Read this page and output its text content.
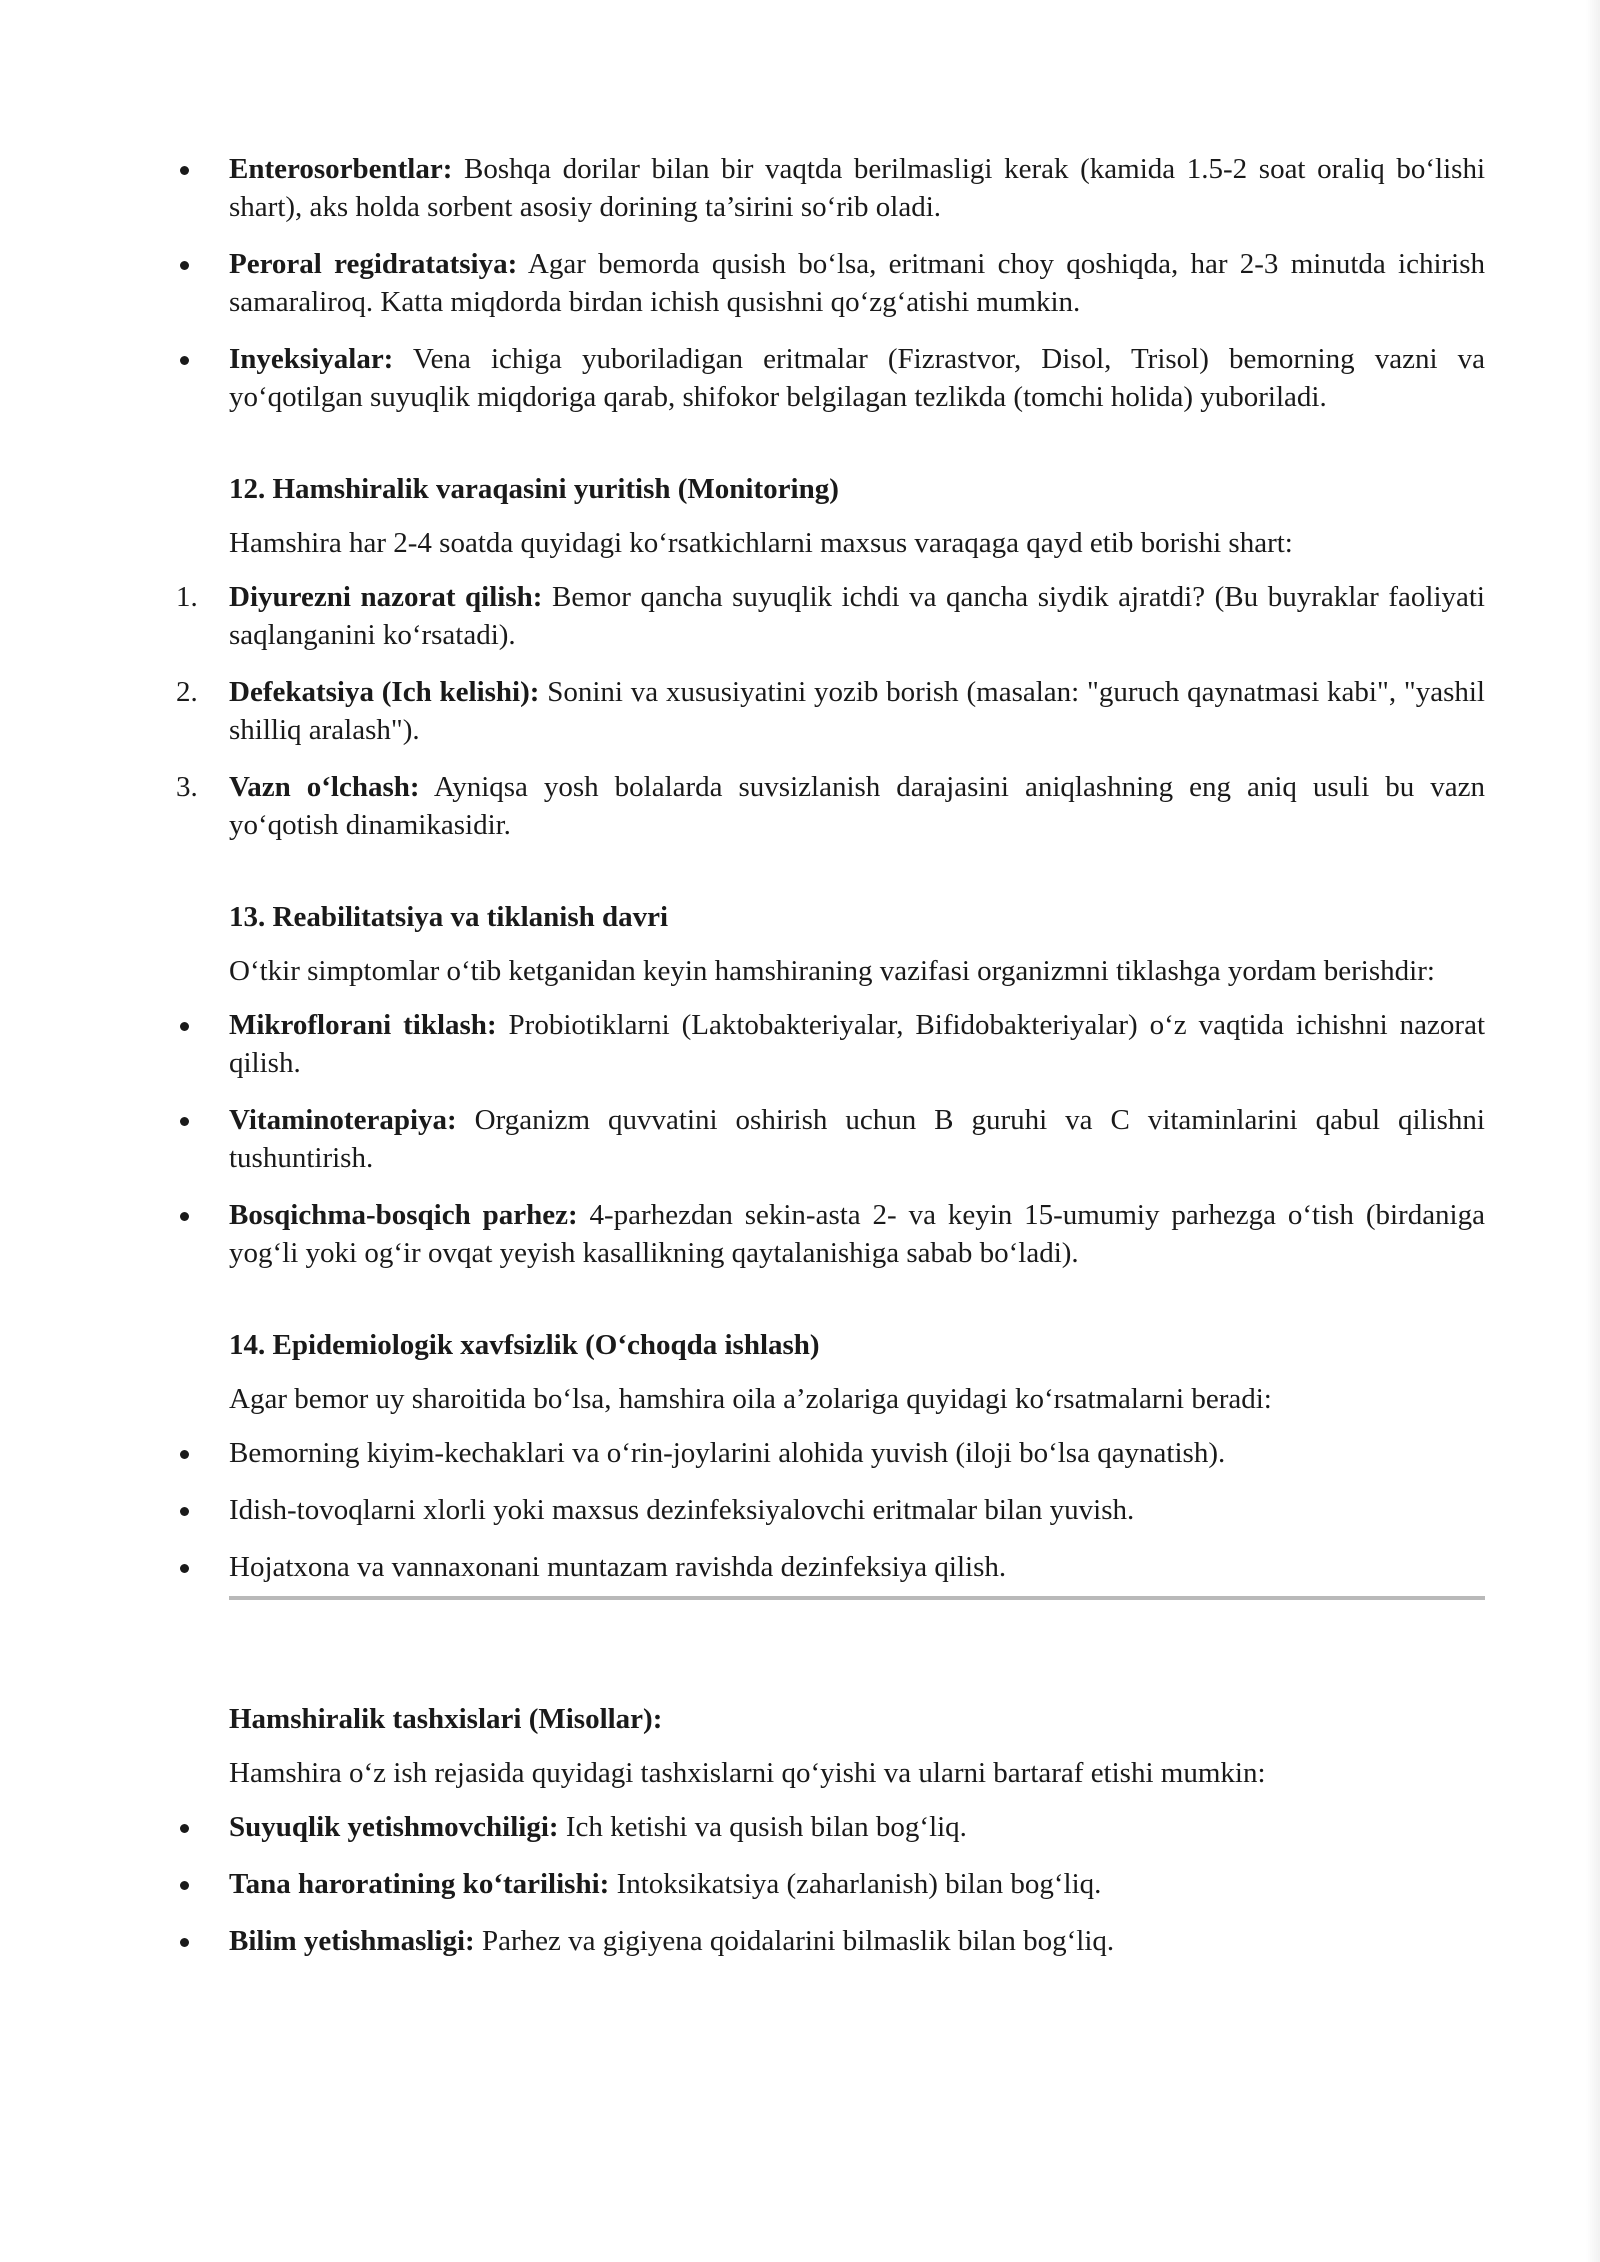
Enterosorbentlar: Boshqa dorilar bilan bir vaqtda berilmasligi kerak (kamida 1.5-2 soat oraliq bo‘lishi shart), aks holda sorbent asosiy dorining ta’sirini so‘rib oladi.
Peroral regidratatsiya: Agar bemorda qusish bo‘lsa, eritmani choy qoshiqda, har 2-3 minutda ichirish samaraliroq. Katta miqdorda birdan ichish qusishni qo‘zg‘atishi mumkin.
Inyeksiyalar: Vena ichiga yuboriladigan eritmalar (Fizrastvor, Disol, Trisol) bemorning vazni va yo‘qotilgan suyuqlik miqdoriga qarab, shifokor belgilagan tezlikda (tomchi holida) yuboriladi.
12. Hamshiralik varaqasini yuritish (Monitoring)
Hamshira har 2-4 soatda quyidagi ko‘rsatkichlarni maxsus varaqaga qayd etib borishi shart:
1. Diyurezni nazorat qilish: Bemor qancha suyuqlik ichdi va qancha siydik ajratdi? (Bu buyraklar faoliyati saqlanganini ko‘rsatadi).
2. Defekatsiya (Ich kelishi): Sonini va xususiyatini yozib borish (masalan: "guruch qaynatmasi kabi", "yashil shilliq aralash").
3. Vazn o‘lchash: Ayniqsa yosh bolalarda suvsizlanish darajasini aniqlashning eng aniq usuli bu vazn yo‘qotish dinamikasidir.
13. Reabilitatsiya va tiklanish davri
O‘tkir simptomlar o‘tib ketganidan keyin hamshiraning vazifasi organizmni tiklashga yordam berishdir:
Mikroflorani tiklash: Probiotiklarni (Laktobakteriyalar, Bifidobakteriyalar) o‘z vaqtida ichishni nazorat qilish.
Vitaminoterapiya: Organizm quvvatini oshirish uchun B guruhi va C vitaminlarini qabul qilishni tushuntirish.
Bosqichma-bosqich parhez: 4-parhezdan sekin-asta 2- va keyin 15-umumiy parhezga o‘tish (birdaniga yog‘li yoki og‘ir ovqat yeyish kasallikning qaytalanishiga sabab bo‘ladi).
14. Epidemiologik xavfsizlik (O‘choqda ishlash)
Agar bemor uy sharoitida bo‘lsa, hamshira oila a’zolariga quyidagi ko‘rsatmalarni beradi:
Bemorning kiyim-kechaklari va o‘rin-joylarini alohida yuvish (iloji bo‘lsa qaynatish).
Idish-tovoqlarni xlorli yoki maxsus dezinfeksiyalovchi eritmalar bilan yuvish.
Hojatxona va vannaxonani muntazam ravishda dezinfeksiya qilish.
Hamshiralik tashxislari (Misollar):
Hamshira o‘z ish rejasida quyidagi tashxislarni qo‘yishi va ularni bartaraf etishi mumkin:
Suyuqlik yetishmovchiligi: Ich ketishi va qusish bilan bog‘liq.
Tana haroratining ko‘tarilishi: Intoksikatsiya (zaharlanish) bilan bog‘liq.
Bilim yetishmasligi: Parhez va gigiyena qoidalarini bilmaslik bilan bog‘liq.
